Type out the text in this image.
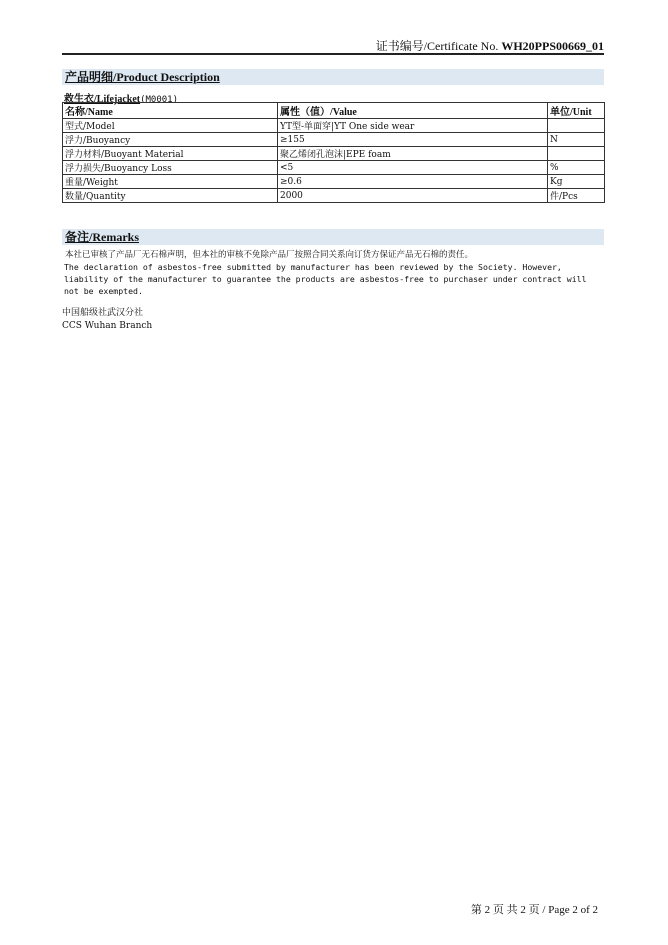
证书编号/Certificate No. WH20PPS00669_01
产品明细/Product Description
救生衣/Lifejacket(M0001)
名称/Name	属性（值）/Value	单位/Unit
型式/Model	YT型-单面穿|YT One side wear	
浮力/Buoyancy	≥155	N
浮力材料/Buoyant Material	聚乙烯闭孔泡沫|EPE foam	
浮力损失/Buoyancy Loss	<5	%
重量/Weight	≥0.6	Kg
数量/Quantity	2000	件/Pcs
备注/Remarks
本社已审核了产品厂无石棉声明，但本社的审核不免除产品厂按照合同关系向订货方保证产品无石棉的责任。
The declaration of asbestos-free submitted by manufacturer has been reviewed by the Society. However,
liability of the manufacturer to guarantee the products are asbestos-free to purchaser under contract will
not be exempted.
中国船级社武汉分社
CCS Wuhan Branch
第 2 页 共 2 页 / Page 2 of 2
